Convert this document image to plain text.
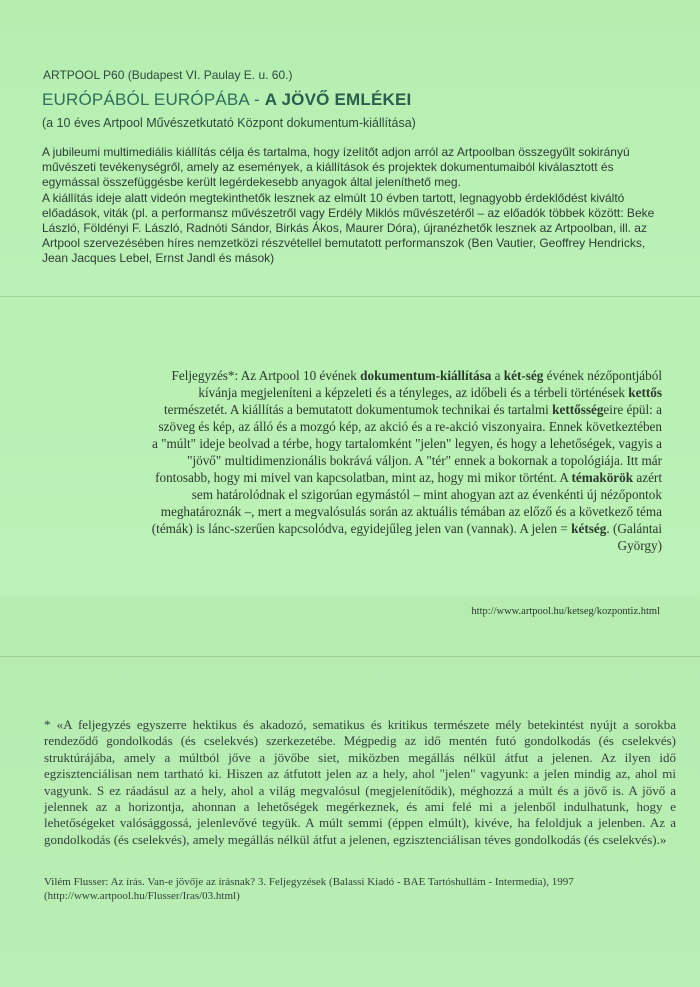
ARTPOOL P60 (Budapest VI. Paulay E. u. 60.)
EURÓPÁBÓL EURÓPÁBA - A JÖVŐ EMLÉKEI
(a 10 éves Artpool Művészetkutató Központ dokumentum-kiállítása)

A jubileumi multimediális kiállítás célja és tartalma, hogy ízelítőt adjon arról az Artpoolban összegyűlt sokirányú művészeti tevékenységről, amely az események, a kiállítások és projektek dokumentumaiból kiválasztott és egymással összefüggésbe került legérdekesebb anyagok által jeleníthető meg.

A kiállítás ideje alatt videón megtekinthetők lesznek az elmúlt 10 évben tartott, legnagyobb érdeklődést kiváltó előadások, viták (pl. a performansz művészetről vagy Erdély Miklós művészetéről – az előadók többek között: Beke László, Földényi F. László, Radnóti Sándor, Birkás Ákos, Maurer Dóra), újranézhetők lesznek az Artpoolban, ill. az Artpool szervezésében híres nemzetközi részvétellel bemutatott performanszok (Ben Vautier, Geoffrey Hendricks, Jean Jacques Lebel, Ernst Jandl és mások)

Feljegyzés*: Az Artpool 10 évének dokumentum-kiállítása a két-ség évének nézőpontjából kívánja megjeleníteni a képzeleti és a tényleges, az időbeli és a térbeli történések kettős természetét. A kiállítás a bemutatott dokumentumok technikai és tartalmi kettősségeire épül: a szöveg és kép, az álló és a mozgó kép, az akció és a re-akció viszonyaira. Ennek következtében a "múlt" ideje beolvad a térbe, hogy tartalomként "jelen" legyen, és hogy a lehetőségek, vagyis a "jövő" multidimenzionális bokrává váljon. A "tér" ennek a bokornak a topológiája. Itt már fontosabb, hogy mi mivel van kapcsolatban, mint az, hogy mi mikor történt. A témakörök azért sem határolódnak el szigorúan egymástól – mint ahogyan azt az évenkénti új nézőpontok meghatároznák –, mert a megvalósulás során az aktuális témában az előző és a következő téma (témák) is lánc-szerűen kapcsolódva, egyidejűleg jelen van (vannak). A jelen = kétség. (Galántai György)

http://www.artpool.hu/ketseg/kozpontiz.html

* «A feljegyzés egyszerre hektikus és akadozó, sematikus és kritikus természete mély betekintést nyújt a sorokba rendeződő gondolkodás (és cselekvés) szerkezetébe. Mégpedig az idő mentén futó gondolkodás (és cselekvés) struktúrájába, amely a múltból jőve a jövőbe siet, miközben megállás nélkül átfut a jelenen. Az ilyen idő egzisztenciálisan nem tartható ki. Hiszen az átfutott jelen az a hely, ahol "jelen" vagyunk: a jelen mindig az, ahol mi vagyunk. S ez ráadásul az a hely, ahol a világ megvalósul (megjelenítődik), méghozzá a múlt és a jövő is. A jövő a jelennek az a horizontja, ahonnan a lehetőségek megérkeznek, és ami felé mi a jelenből indulhatunk, hogy e lehetőségeket valósággossá, jelenlevővé tegyük. A múlt semmi (éppen elmúlt), kivéve, ha feloldjuk a jelenben. Az a gondolkodás (és cselekvés), amely megállás nélkül átfut a jelenen, egzisztenciálisan téves gondolkodás (és cselekvés).»

Vilém Flusser: Az írás. Van-e jövője az írásnak? 3. Feljegyzések (Balassi Kiadó - BAE Tartóshullám - Intermedia), 1997
(http://www.artpool.hu/Flusser/Iras/03.html)
